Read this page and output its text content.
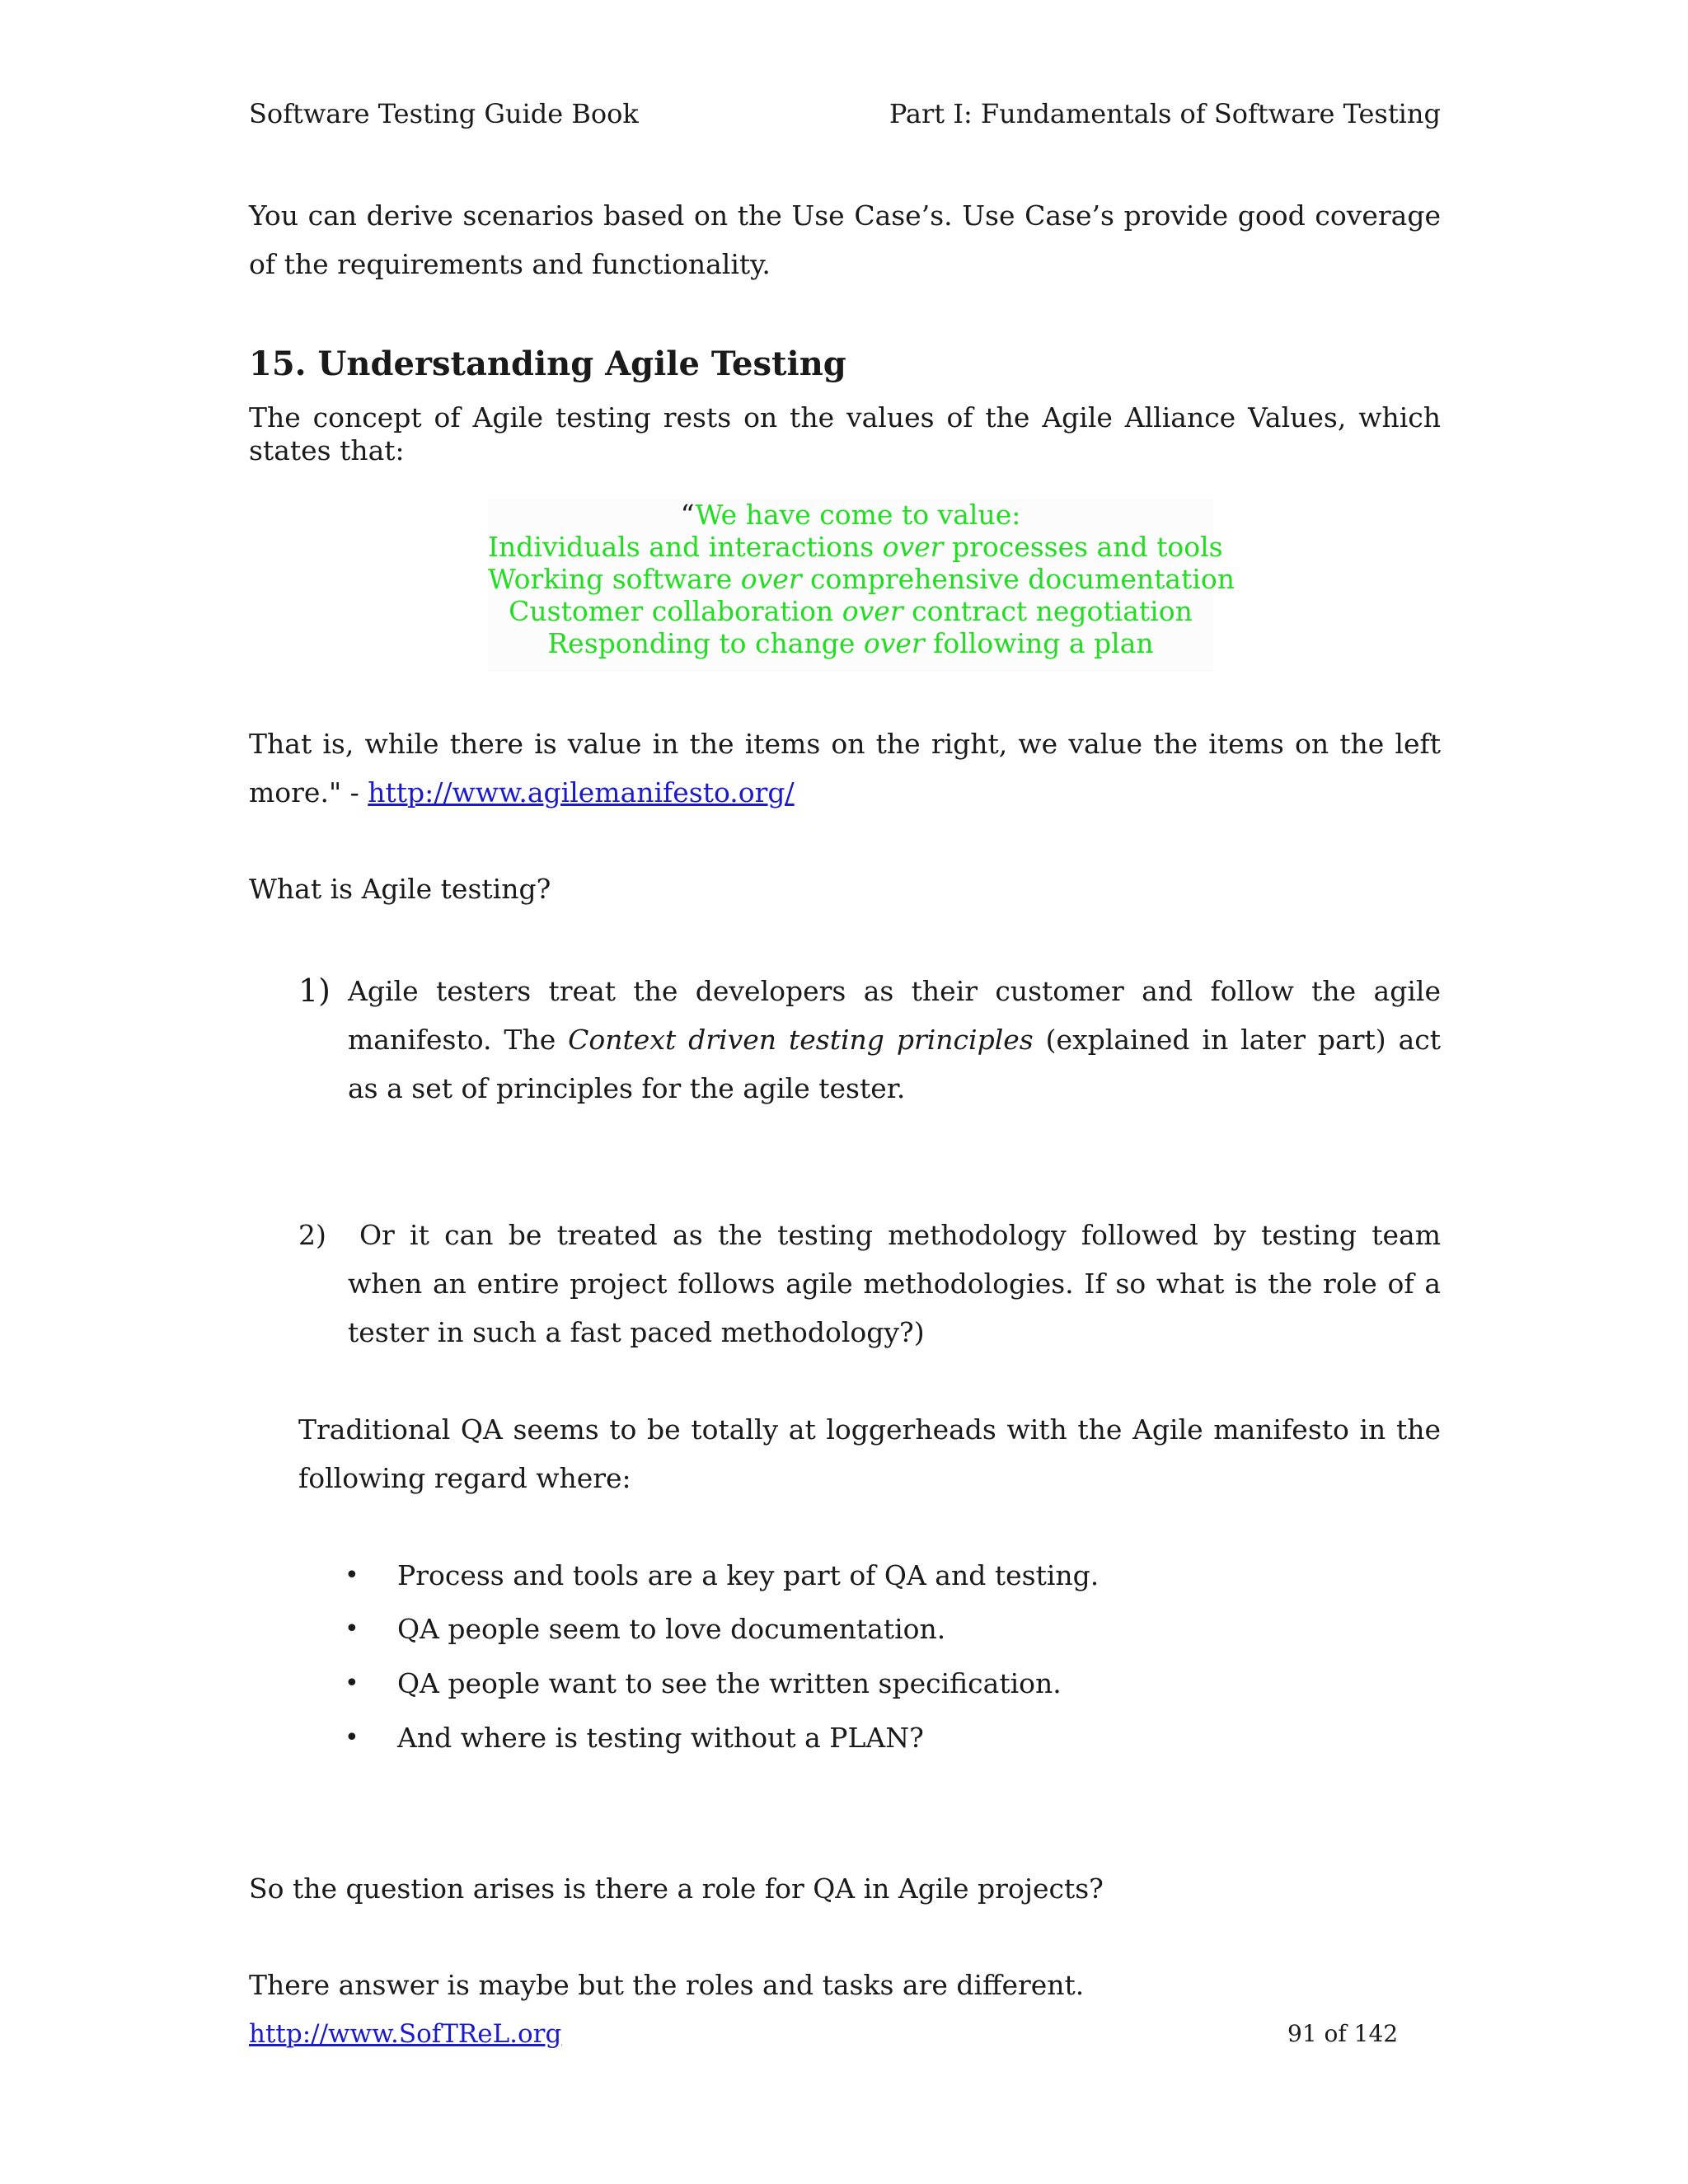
Software Testing Guide Book	Part I: Fundamentals of Software Testing

You can derive scenarios based on the Use Case’s. Use Case’s provide good coverage of the requirements and functionality.

15. Understanding Agile Testing

The concept of Agile testing rests on the values of the Agile Alliance Values, which states that:

“We have come to value:
Individuals and interactions over processes and tools
Working software over comprehensive documentation
Customer collaboration over contract negotiation
Responding to change over following a plan

That is, while there is value in the items on the right, we value the items on the left more." - http://www.agilemanifesto.org/

What is Agile testing?

1) Agile testers treat the developers as their customer and follow the agile manifesto. The Context driven testing principles (explained in later part) act as a set of principles for the agile tester.

2)	Or it can be treated as the testing methodology followed by testing team when an entire project follows agile methodologies. If so what is the role of a tester in such a fast paced methodology?)

Traditional QA seems to be totally at loggerheads with the Agile manifesto in the following regard where:

•	Process and tools are a key part of QA and testing.
•	QA people seem to love documentation.
•	QA people want to see the written specification.
•	And where is testing without a PLAN?

So the question arises is there a role for QA in Agile projects?

There answer is maybe but the roles and tasks are different.

http://www.SofTReL.org	91 of 142
